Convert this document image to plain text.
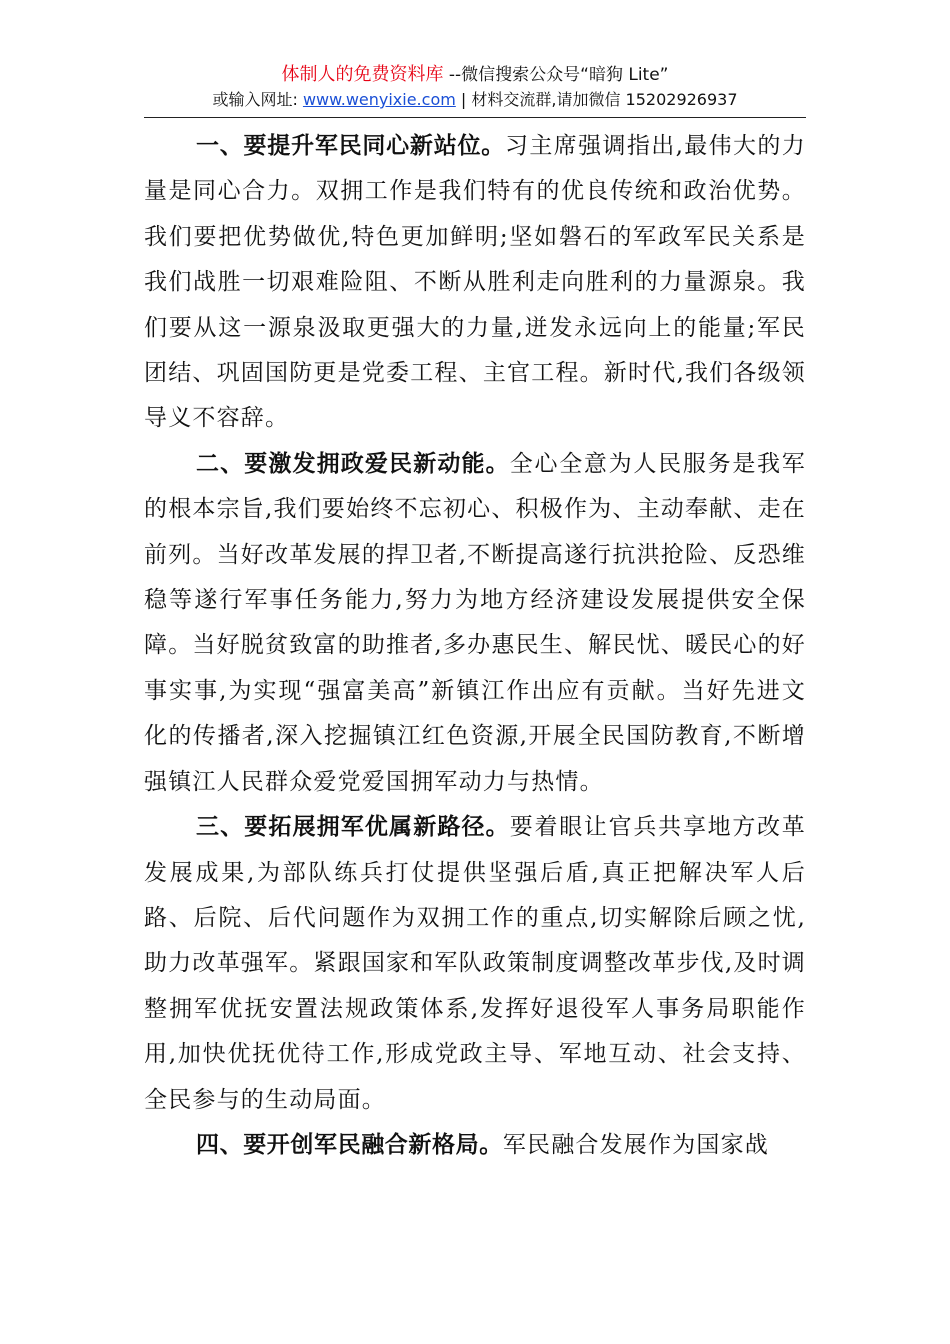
体制人的免费资料库 --微信搜索公众号“暗狗 Lite”
或输入网址: www.wenyixie.com | 材料交流群,请加微信 15202926937

一、要提升军民同心新站位。习主席强调指出,最伟大的力量是同心合力。双拥工作是我们特有的优良传统和政治优势。我们要把优势做优,特色更加鲜明;坚如磐石的军政军民关系是我们战胜一切艰难险阻、不断从胜利走向胜利的力量源泉。我们要从这一源泉汲取更强大的力量,迸发永远向上的能量;军民团结、巩固国防更是党委工程、主官工程。新时代,我们各级领导义不容辞。

二、要激发拥政爱民新动能。全心全意为人民服务是我军的根本宗旨,我们要始终不忘初心、积极作为、主动奉献、走在前列。当好改革发展的捍卫者,不断提高遂行抗洪抢险、反恐维稳等遂行军事任务能力,努力为地方经济建设发展提供安全保障。当好脱贫致富的助推者,多办惠民生、解民忧、暖民心的好事实事,为实现“强富美高”新镇江作出应有贡献。当好先进文化的传播者,深入挖掘镇江红色资源,开展全民国防教育,不断增强镇江人民群众爱党爱国拥军动力与热情。

三、要拓展拥军优属新路径。要着眼让官兵共享地方改革发展成果,为部队练兵打仗提供坚强后盾,真正把解决军人后路、后院、后代问题作为双拥工作的重点,切实解除后顾之忧,助力改革强军。紧跟国家和军队政策制度调整改革步伐,及时调整拥军优抚安置法规政策体系,发挥好退役军人事务局职能作用,加快优抚优待工作,形成党政主导、军地互动、社会支持、全民参与的生动局面。

四、要开创军民融合新格局。军民融合发展作为国家战
